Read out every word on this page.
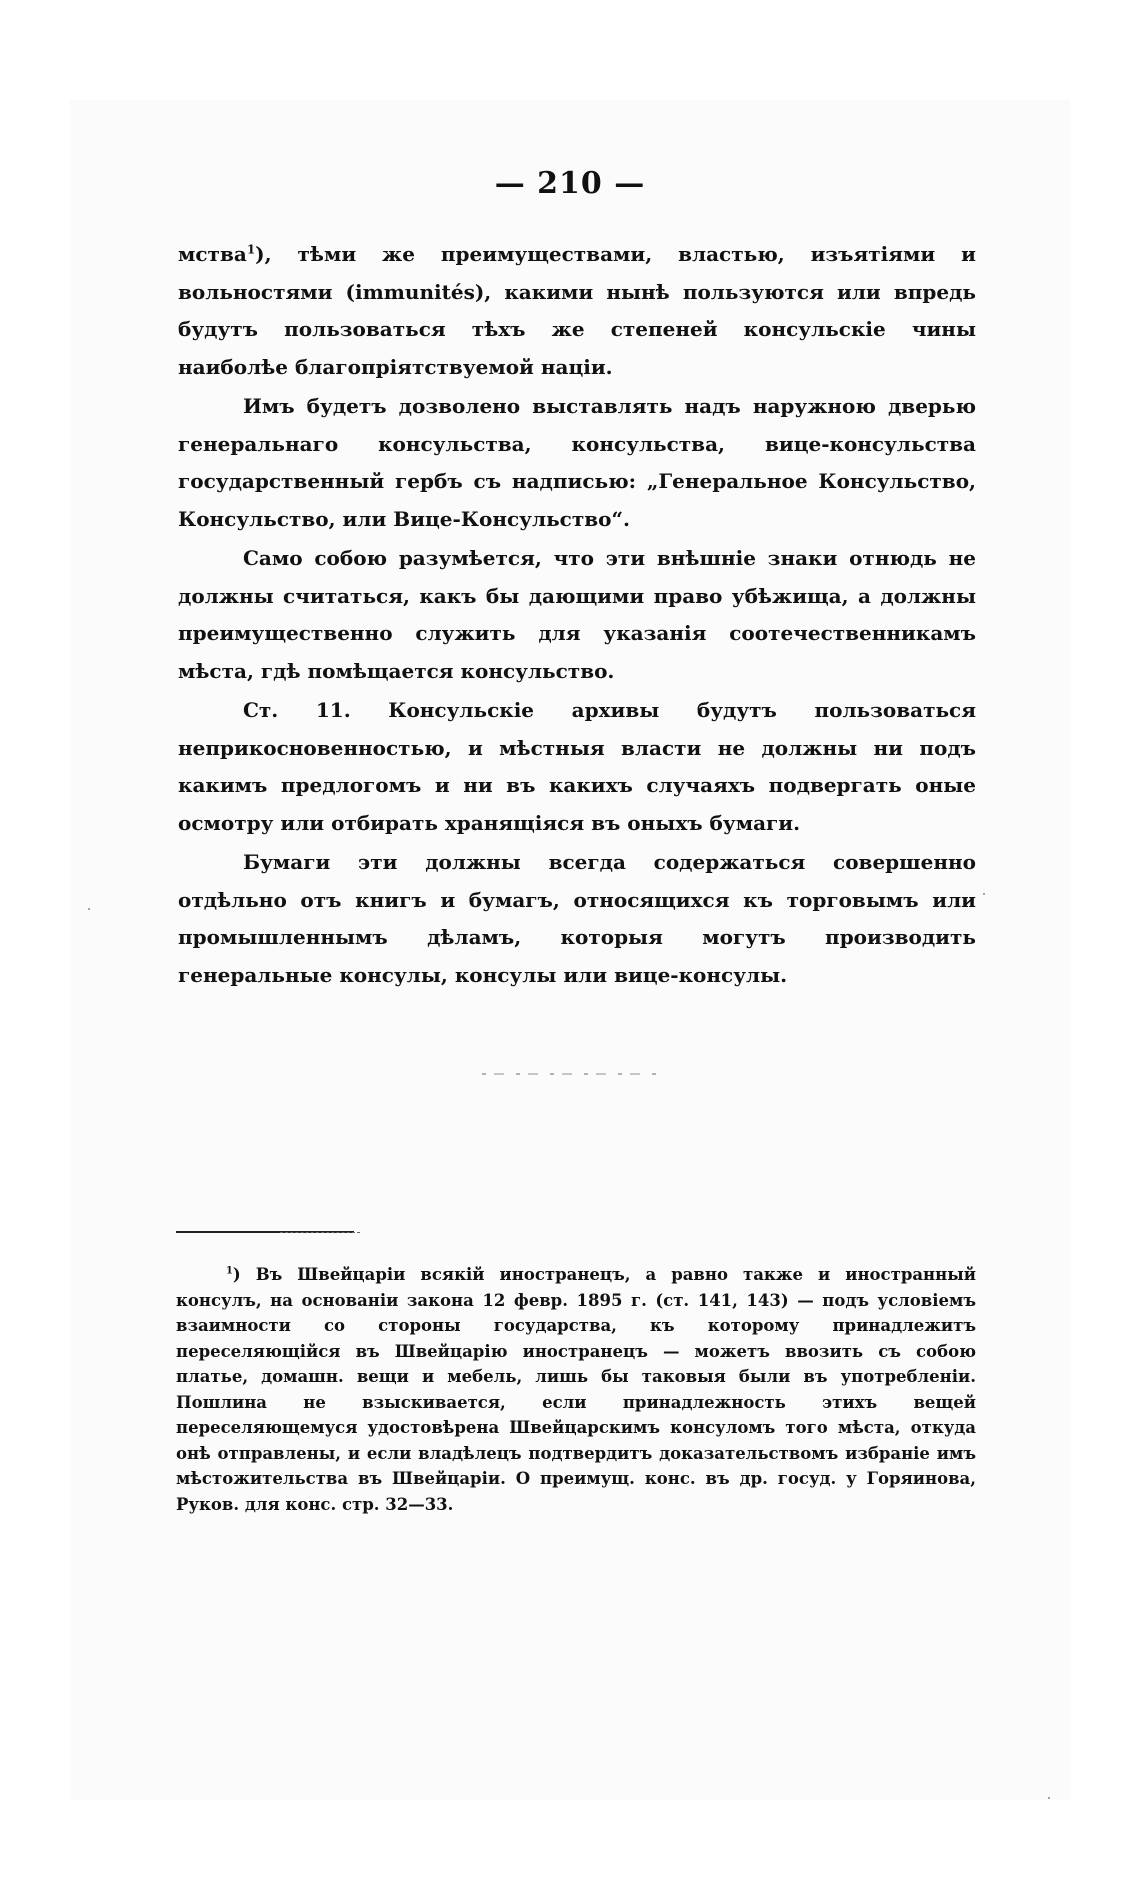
— 210 —

мства$^1$), тѣми же преимуществами, властью, изъятіями и вольностями (immunités), какими нынѣ пользуются или впредь будутъ пользоваться тѣхъ же степеней консульскіе чины наиболѣе благопріятствуемой націи.

Имъ будетъ дозволено выставлять надъ наружною дверью генеральнаго консульства, консульства, вице-консульства государственный гербъ съ надписью: „Генеральное Консульство, Консульство, или Вице-Консульство“.

Само собою разумѣется, что эти внѣшніе знаки отнюдь не должны считаться, какъ бы дающими право убѣжища, а должны преимущественно служить для указанія соотечественникамъ мѣста, гдѣ помѣщается консульство.

Ст. 11. Консульскіе архивы будутъ пользоваться неприкосновенностью, и мѣстныя власти не должны ни подъ какимъ предлогомъ и ни въ какихъ случаяхъ подвергать оные осмотру или отбирать хранящіяся въ оныхъ бумаги.

Бумаги эти должны всегда содержаться совершенно отдѣльно отъ книгъ и бумагъ, относящихся къ торговымъ или промышленнымъ дѣламъ, которыя могутъ производить генеральные консулы, консулы или вице-консулы.

$^1$) Въ Швейцаріи всякій иностранецъ, а равно также и иностранный консулъ, на основаніи закона 12 февр. 1895 г. (ст. 141, 143) — подъ условіемъ взаимности со стороны государства, къ которому принадлежитъ переселяющійся въ Швейцарію иностранецъ — можетъ ввозить съ собою платье, домашн. вещи и мебель, лишь бы таковыя были въ употребленіи. Пошлина не взыскивается, если принадлежность этихъ вещей переселяющемуся удостовѣрена Швейцарскимъ консуломъ того мѣста, откуда онѣ отправлены, и если владѣлецъ подтвердитъ доказательствомъ избраніе имъ мѣстожительства въ Швейцаріи. О преимущ. конс. въ др. госуд. у Горяинова, Руков. для конс. стр. 32—33.
